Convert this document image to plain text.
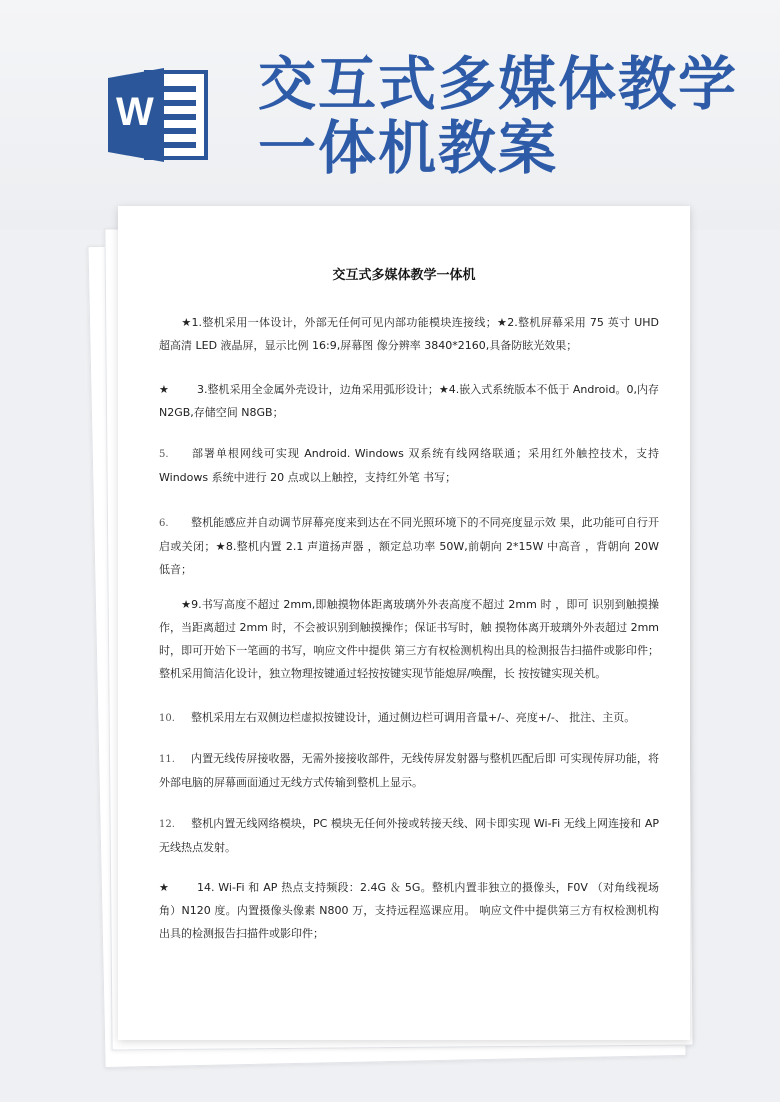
W 交互式多媒体教学一体机教案
交互式多媒体教学一体机
★1.整机采用一体设计，外部无任何可见内部功能模块连接线；★2.整机屏幕采用 75 英寸 UHD 超高清 LED 液晶屏，显示比例 16:9,屏幕图 像分辨率 3840*2160,具备防眩光效果；
★	3.整机采用全金属外壳设计，边角采用弧形设计；★4.嵌入式系统版本不低于 Android。0,内存 N2GB,存储空间 N8GB；
5. 部署单根网线可实现 Android. Windows 双系统有线网络联通；采用红外触控技术，支持 Windows 系统中进行 20 点或以上触控，支持红外笔 书写；
6. 整机能感应并自动调节屏幕亮度来到达在不同光照环境下的不同亮度显示效 果，此功能可自行开启或关闭；★8.整机内置 2.1 声道扬声器 ，额定总功率 50W,前朝向 2*15W 中高音 ，背朝向 20W 低音；
★9.书写高度不超过 2mm,即触摸物体距离玻璃外外表高度不超过 2mm 时 ，即可 识别到触摸操作，当距离超过 2mm 时，不会被识别到触摸操作；保证书写时，触 摸物体离开玻璃外外表超过 2mm 时，即可开始下一笔画的书写，响应文件中提供 第三方有权检测机构出具的检测报告扫描件或影印件；整机采用简洁化设计，独立物理按键通过轻按按键实现节能熄屏/唤醒，长 按按键实现关机。
10. 整机采用左右双侧边栏虚拟按键设计，通过侧边栏可调用音量+/-、亮度+/-、 批注、主页。
11. 内置无线传屏接收器，无需外接接收部件，无线传屏发射器与整机匹配后即 可实现传屏功能，将外部电脑的屏幕画面通过无线方式传输到整机上显示。
12. 整机内置无线网络模块，PC 模块无任何外接或转接天线、网卡即实现 Wi-Fi 无线上网连接和 AP 无线热点发射。
★	14. Wi-Fi 和 AP 热点支持频段：2.4G ＆ 5G。整机内置非独立的摄像头，F0V （对角线视场角）N120 度。内置摄像头像素 N800 万，支持远程巡课应用。 响应文件中提供第三方有权检测机构出具的检测报告扫描件或影印件；
